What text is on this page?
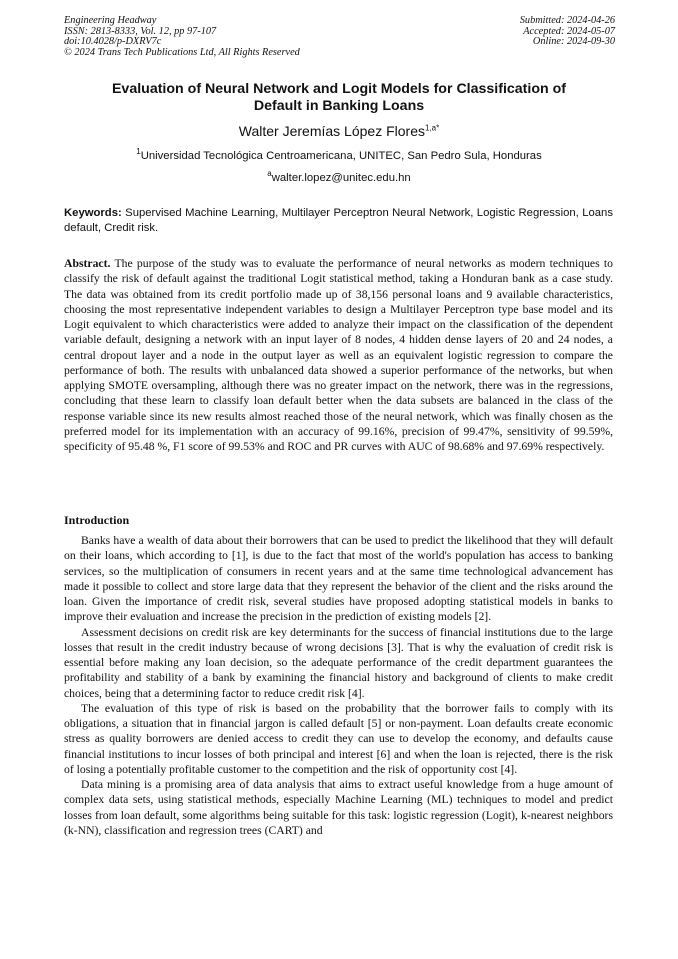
Engineering Headway
ISSN: 2813-8333, Vol. 12, pp 97-107
doi:10.4028/p-DXRV7c
© 2024 Trans Tech Publications Ltd, All Rights Reserved
Submitted: 2024-04-26
Accepted: 2024-05-07
Online: 2024-09-30
Evaluation of Neural Network and Logit Models for Classification of
Default in Banking Loans
Walter Jeremías López Flores$^{1,a*}$
$^1$Universidad Tecnológica Centroamericana, UNITEC, San Pedro Sula, Honduras
$^a$walter.lopez@unitec.edu.hn
Keywords: Supervised Machine Learning, Multilayer Perceptron Neural Network, Logistic Regression, Loans default, Credit risk.
Abstract. The purpose of the study was to evaluate the performance of neural networks as modern techniques to classify the risk of default against the traditional Logit statistical method, taking a Honduran bank as a case study. The data was obtained from its credit portfolio made up of 38,156 personal loans and 9 available characteristics, choosing the most representative independent variables to design a Multilayer Perceptron type base model and its Logit equivalent to which characteristics were added to analyze their impact on the classification of the dependent variable default, designing a network with an input layer of 8 nodes, 4 hidden dense layers of 20 and 24 nodes, a central dropout layer and a node in the output layer as well as an equivalent logistic regression to compare the performance of both. The results with unbalanced data showed a superior performance of the networks, but when applying SMOTE oversampling, although there was no greater impact on the network, there was in the regressions, concluding that these learn to classify loan default better when the data subsets are balanced in the class of the response variable since its new results almost reached those of the neural network, which was finally chosen as the preferred model for its implementation with an accuracy of 99.16%, precision of 99.47%, sensitivity of 99.59%, specificity of 95.48 %, F1 score of 99.53% and ROC and PR curves with AUC of 98.68% and 97.69% respectively.
Introduction

Banks have a wealth of data about their borrowers that can be used to predict the likelihood that they will default on their loans, which according to [1], is due to the fact that most of the world's population has access to banking services, so the multiplication of consumers in recent years and at the same time technological advancement has made it possible to collect and store large data that they represent the behavior of the client and the risks around the loan. Given the importance of credit risk, several studies have proposed adopting statistical models in banks to improve their evaluation and increase the precision in the prediction of existing models [2].

Assessment decisions on credit risk are key determinants for the success of financial institutions due to the large losses that result in the credit industry because of wrong decisions [3]. That is why the evaluation of credit risk is essential before making any loan decision, so the adequate performance of the credit department guarantees the profitability and stability of a bank by examining the financial history and background of clients to make credit choices, being that a determining factor to reduce credit risk [4].

The evaluation of this type of risk is based on the probability that the borrower fails to comply with its obligations, a situation that in financial jargon is called default [5] or non-payment. Loan defaults create economic stress as quality borrowers are denied access to credit they can use to develop the economy, and defaults cause financial institutions to incur losses of both principal and interest [6] and when the loan is rejected, there is the risk of losing a potentially profitable customer to the competition and the risk of opportunity cost [4].

Data mining is a promising area of data analysis that aims to extract useful knowledge from a huge amount of complex data sets, using statistical methods, especially Machine Learning (ML) techniques to model and predict losses from loan default, some algorithms being suitable for this task: logistic regression (Logit), k-nearest neighbors (k-NN), classification and regression trees (CART) and
